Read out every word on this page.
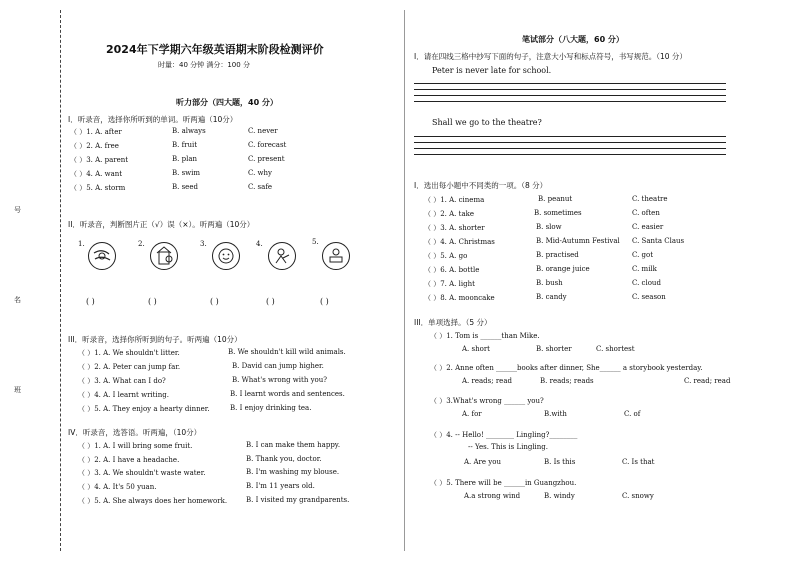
号
名
班
2024年下学期六年级英语期末阶段检测评价
时量：40 分钟 满分：100 分
听力部分（四大题，40 分）
I．听录音，选择你所听到的单词。听两遍（10分）
（ ）1. A. after	B. always	C. never
（ ）2. A. free	B. fruit	C. forecast
（ ）3. A. parent	B. plan	C. present
（ ）4. A. want	B. swim	C. why
（ ）5. A. storm	B. seed	C. safe
II．听录音，判断图片正（√）误（×）。听两遍（10分）
1.	2.	3.	4.	5.
( )	( )	( )	( )	( )
III．听录音，选择你所听到的句子。听两遍（10分）
（ ）1. A. We shouldn't litter.	B. We shouldn't kill wild animals.
（ ）2. A. Peter can jump far.	B. David can jump higher.
（ ）3. A. What can I do?	B. What's wrong with you?
（ ）4. A. I learnt writing.	B. I learnt words and sentences.
（ ）5. A. They enjoy a hearty dinner.	B. I enjoy drinking tea.
IV．听录音，选答语。听两遍，（10分）
（ ）1. A. I will bring some fruit.	B. I can make them happy.
（ ）2. A. I have a headache.	B. Thank you, doctor.
（ ）3. A. We shouldn't waste water.	B. I'm washing my blouse.
（ ）4. A. It's 50 yuan.	B. I'm 11 years old.
（ ）5. A. She always does her homework.	B. I visited my grandparents.
笔试部分（八大题，60 分）
I．请在四线三格中抄写下面的句子，注意大小写和标点符号，书写规范。（10 分）
Peter is never late for school.
Shall we go to the theatre?
I．选出每小题中不同类的一项。（8 分）
（ ）1. A. cinema	B. peanut	C. theatre
（ ）2. A. take	B. sometimes	C. often
（ ）3. A. shorter	B. slow	C. easier
（ ）4. A. Christmas	B. Mid-Autumn Festival C. Santa Claus
（ ）5. A. go	B. practised	C. got
（ ）6. A. bottle	B. orange juice	C. milk
（ ）7. A. light	B. bush	C. cloud
（ ）8. A. mooncake	B. candy	C. season
III．单项选择。（5 分）
（ ）1. Tom is ______than Mike.
A. short	B. shorter	C. shortest
（ ）2. Anne often ______books after dinner, She______ a storybook yesterday.
A. reads; read	B. reads; reads	C. read; read
（ ）3.What's wrong ______ you?
A. for	B.with	C. of
（ ）4. -- Hello! ________ Lingling?________
-- Yes. This is Lingling.
A. Are you	B. Is this	C. Is that
（ ）5. There will be ______in Guangzhou.
A.a strong wind	B. windy	C. snowy
